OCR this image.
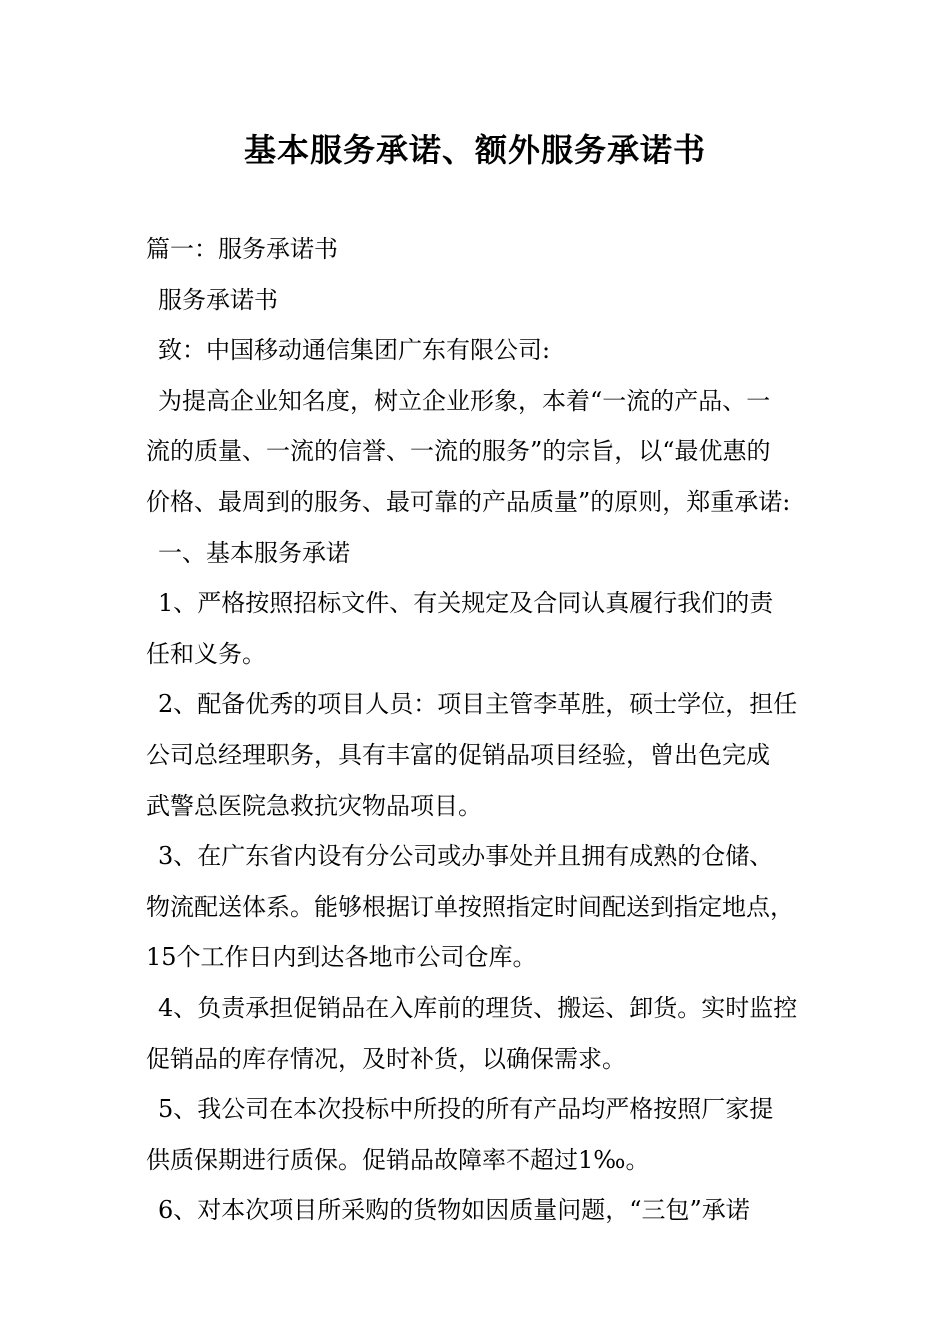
基本服务承诺、额外服务承诺书

篇一：服务承诺书

服务承诺书

致：中国移动通信集团广东有限公司:

为提高企业知名度，树立企业形象，本着“一流的产品、一

流的质量、一流的信誉、一流的服务”的宗旨，以“最优惠的

价格、最周到的服务、最可靠的产品质量”的原则，郑重承诺:

一、基本服务承诺

1、严格按照招标文件、有关规定及合同认真履行我们的责

任和义务。

2、配备优秀的项目人员：项目主管李革胜，硕士学位，担任

公司总经理职务，具有丰富的促销品项目经验，曾出色完成

武警总医院急救抗灾物品项目。

3、在广东省内设有分公司或办事处并且拥有成熟的仓储、

物流配送体系。能够根据订单按照指定时间配送到指定地点，

15个工作日内到达各地市公司仓库。

4、负责承担促销品在入库前的理货、搬运、卸货。实时监控

促销品的库存情况，及时补货，以确保需求。

5、我公司在本次投标中所投的所有产品均严格按照厂家提

供质保期进行质保。促销品故障率不超过1‰。

6、对本次项目所采购的货物如因质量问题，“三包”承诺
